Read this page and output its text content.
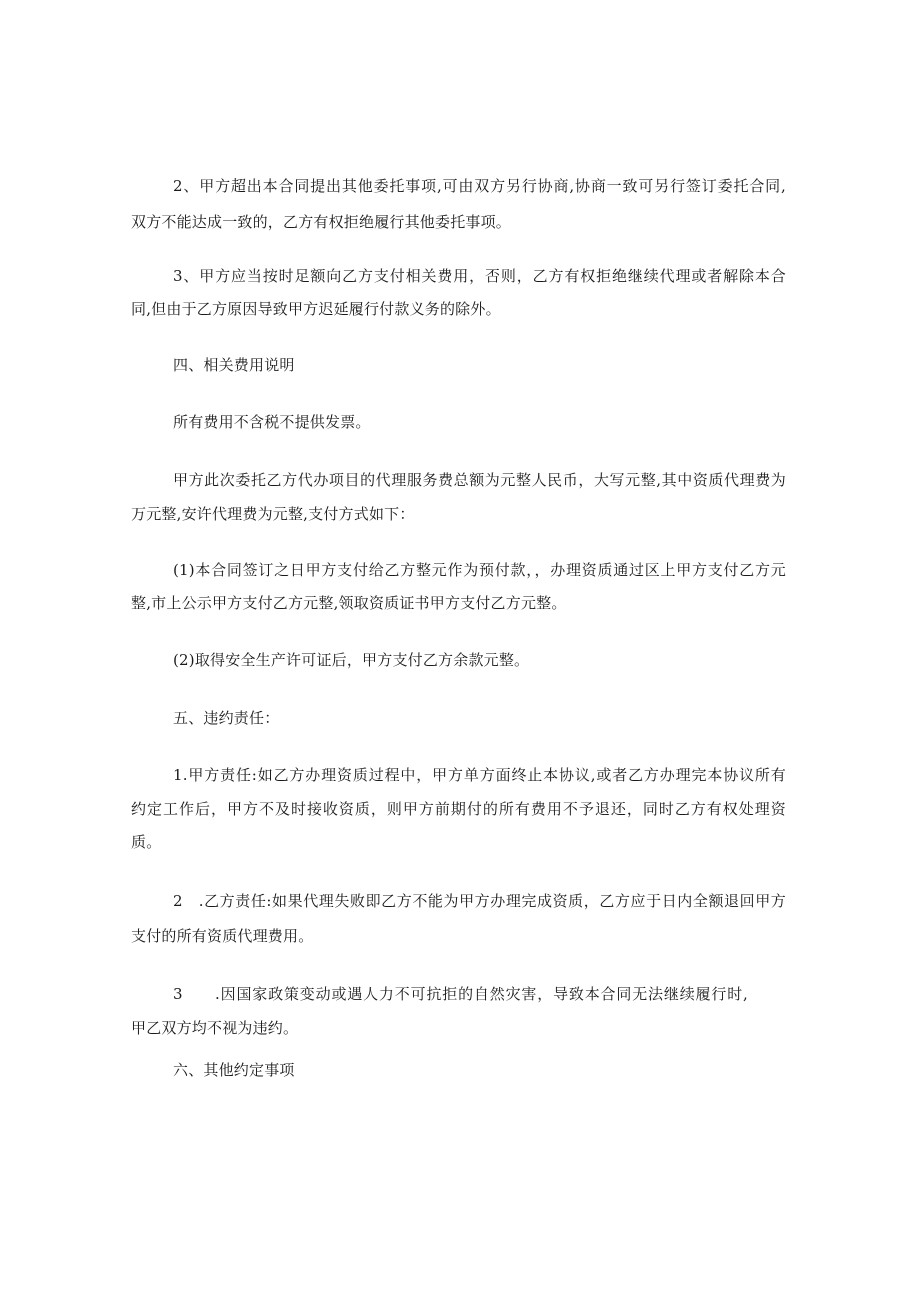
2、甲方超出本合同提出其他委托事项,可由双方另行协商,协商一致可另行签订委托合同,
双方不能达成一致的，乙方有权拒绝履行其他委托事项。
3、甲方应当按时足额向乙方支付相关费用，否则，乙方有权拒绝继续代理或者解除本合
同,但由于乙方原因导致甲方迟延履行付款义务的除外。
四、相关费用说明
所有费用不含税不提供发票。
甲方此次委托乙方代办项目的代理服务费总额为元整人民币，大写元整,其中资质代理费为
万元整,安许代理费为元整,支付方式如下：
(1)本合同签订之日甲方支付给乙方整元作为预付款，，办理资质通过区上甲方支付乙方元
整,市上公示甲方支付乙方元整,领取资质证书甲方支付乙方元整。
(2)取得安全生产许可证后，甲方支付乙方余款元整。
五、违约责任：
1.甲方责任:如乙方办理资质过程中，甲方单方面终止本协议,或者乙方办理完本协议所有
约定工作后，甲方不及时接收资质，则甲方前期付的所有费用不予退还，同时乙方有权处理资
质。
2　.乙方责任:如果代理失败即乙方不能为甲方办理完成资质，乙方应于日内全额退回甲方
支付的所有资质代理费用。
3　　.因国家政策变动或遇人力不可抗拒的自然灾害，导致本合同无法继续履行时,
甲乙双方均不视为违约。
六、其他约定事项
